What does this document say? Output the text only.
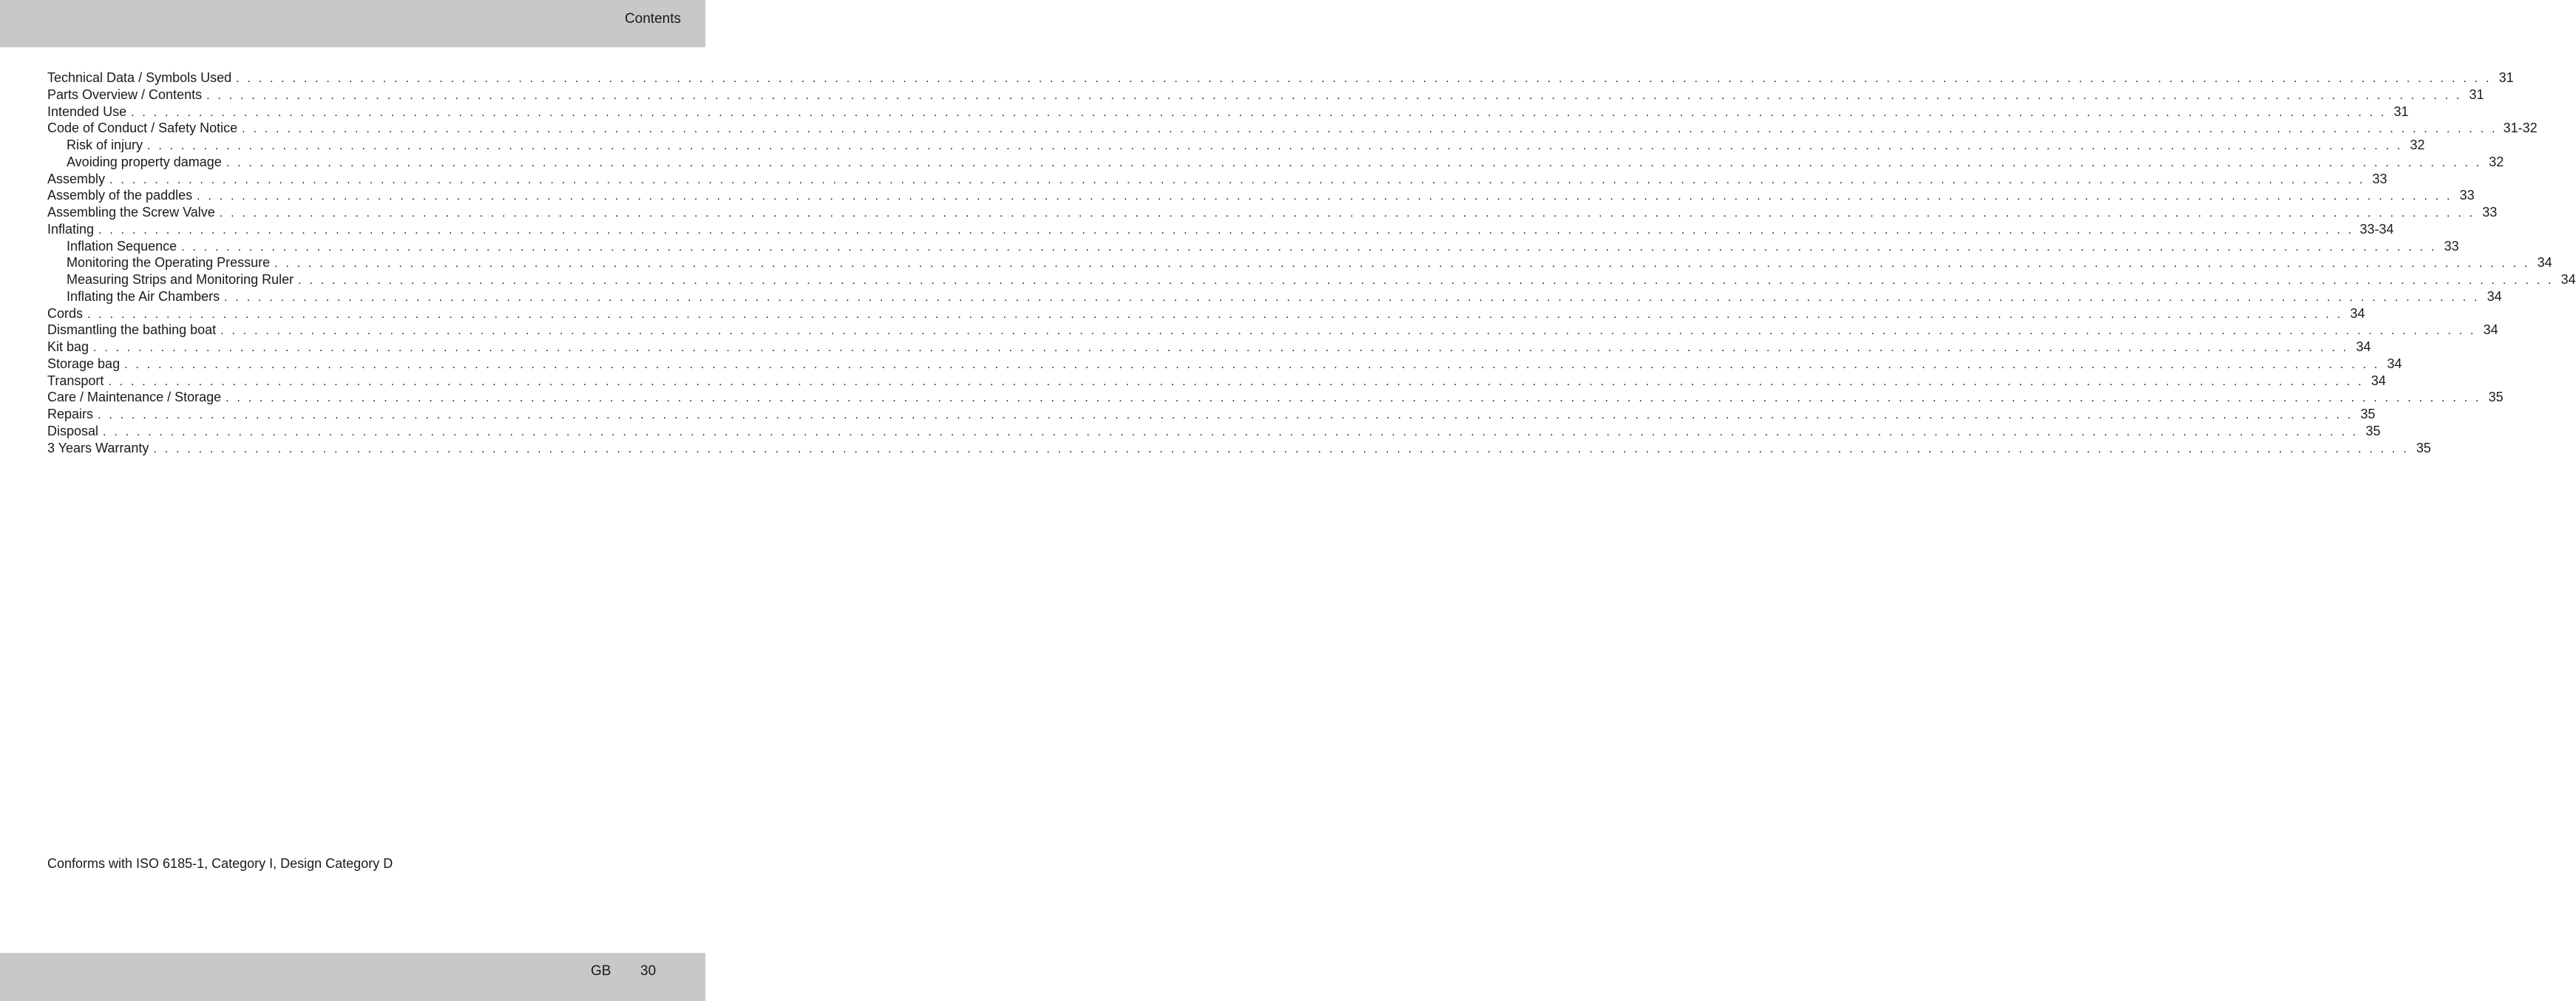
Contents
Technical Data / Symbols Used . . . . . . . . . . . . . . . . . . . . . . . . . . . . . . . . . . . . . . . . . . . . . . . . . . . . . . . . . . . . . . . . . . . . . . . . . . . . . . . . . . . . . . . . . . . . . . . . . . . . . . . . . . . . . . . . . . . . . . . . . . . . . . . . . . . . . . . . . . . . . . . . . . . . . . . . . . . . . . . . . . . . . . . . . . . . . . . . . . . . . . . . . . . . . . . . . . . . . . . . 31
Parts Overview / Contents . . . . . . . . . . . . . . . . . . . . . . . . . . . . . . . . . . . . . . . . . . . . . . . . . . . . . . . . . . . . . . . . . . . . . . . . . . . . . . . . . . . . . . . . . . . . . . . . . . . . . . . . . . . . . . . . . . . . . . . . . . . . . . . . . . . . . . . . . . . . . . . . . . . . . . . . . . . . . . . . . . . . . . . . . . . . . . . . . . . . . . . . . . . . . . . . . . . . . . . . 31
Intended Use . . . . . . . . . . . . . . . . . . . . . . . . . . . . . . . . . . . . . . . . . . . . . . . . . . . . . . . . . . . . . . . . . . . . . . . . . . . . . . . . . . . . . . . . . . . . . . . . . . . . . . . . . . . . . . . . . . . . . . . . . . . . . . . . . . . . . . . . . . . . . . . . . . . . . . . . . . . . . . . . . . . . . . . . . . . . . . . . . . . . . . . . . . . . . . . . . . . . . . . . 31
Code of Conduct / Safety Notice . . . . . . . . . . . . . . . . . . . . . . . . . . . . . . . . . . . . . . . . . . . . . . . . . . . . . . . . . . . . . . . . . . . . . . . . . . . . . . . . . . . . . . . . . . . . . . . . . . . . . . . . . . . . . . . . . . . . . . . . . . . . . . . . . . . . . . . . . . . . . . . . . . . . . . . . . . . . . . . . . . . . . . . . . . . . . . . . . . . . . . . . . . . . . . . . . . . . . . . . 31-32
Risk of injury . . . . . . . . . . . . . . . . . . . . . . . . . . . . . . . . . . . . . . . . . . . . . . . . . . . . . . . . . . . . . . . . . . . . . . . . . . . . . . . . . . . . . . . . . . . . . . . . . . . . . . . . . . . . . . . . . . . . . . . . . . . . . . . . . . . . . . . . . . . . . . . . . . . . . . . . . . . . . . . . . . . . . . . . . . . . . . . . . . . . . . . . . . . . . . . . . . . . . . . . 32
Avoiding property damage . . . . . . . . . . . . . . . . . . . . . . . . . . . . . . . . . . . . . . . . . . . . . . . . . . . . . . . . . . . . . . . . . . . . . . . . . . . . . . . . . . . . . . . . . . . . . . . . . . . . . . . . . . . . . . . . . . . . . . . . . . . . . . . . . . . . . . . . . . . . . . . . . . . . . . . . . . . . . . . . . . . . . . . . . . . . . . . . . . . . . . . . . . . . . . . . . . . . . . . . 32
Assembly . . . . . . . . . . . . . . . . . . . . . . . . . . . . . . . . . . . . . . . . . . . . . . . . . . . . . . . . . . . . . . . . . . . . . . . . . . . . . . . . . . . . . . . . . . . . . . . . . . . . . . . . . . . . . . . . . . . . . . . . . . . . . . . . . . . . . . . . . . . . . . . . . . . . . . . . . . . . . . . . . . . . . . . . . . . . . . . . . . . . . . . . . . . . . . . . . . . . . . . . 33
Assembly of the paddles . . . . . . . . . . . . . . . . . . . . . . . . . . . . . . . . . . . . . . . . . . . . . . . . . . . . . . . . . . . . . . . . . . . . . . . . . . . . . . . . . . . . . . . . . . . . . . . . . . . . . . . . . . . . . . . . . . . . . . . . . . . . . . . . . . . . . . . . . . . . . . . . . . . . . . . . . . . . . . . . . . . . . . . . . . . . . . . . . . . . . . . . . . . . . . . . . . . . . . . . 33
Assembling the Screw Valve . . . . . . . . . . . . . . . . . . . . . . . . . . . . . . . . . . . . . . . . . . . . . . . . . . . . . . . . . . . . . . . . . . . . . . . . . . . . . . . . . . . . . . . . . . . . . . . . . . . . . . . . . . . . . . . . . . . . . . . . . . . . . . . . . . . . . . . . . . . . . . . . . . . . . . . . . . . . . . . . . . . . . . . . . . . . . . . . . . . . . . . . . . . . . . . . . . . . . . . . 33
Inflating . . . . . . . . . . . . . . . . . . . . . . . . . . . . . . . . . . . . . . . . . . . . . . . . . . . . . . . . . . . . . . . . . . . . . . . . . . . . . . . . . . . . . . . . . . . . . . . . . . . . . . . . . . . . . . . . . . . . . . . . . . . . . . . . . . . . . . . . . . . . . . . . . . . . . . . . . . . . . . . . . . . . . . . . . . . . . . . . . . . . . . . . . . . . . . . . . . . . . . . . 33-34
Inflation Sequence . . . . . . . . . . . . . . . . . . . . . . . . . . . . . . . . . . . . . . . . . . . . . . . . . . . . . . . . . . . . . . . . . . . . . . . . . . . . . . . . . . . . . . . . . . . . . . . . . . . . . . . . . . . . . . . . . . . . . . . . . . . . . . . . . . . . . . . . . . . . . . . . . . . . . . . . . . . . . . . . . . . . . . . . . . . . . . . . . . . . . . . . . . . . . . . . . . . . . . . . 33
Monitoring the Operating Pressure . . . . . . . . . . . . . . . . . . . . . . . . . . . . . . . . . . . . . . . . . . . . . . . . . . . . . . . . . . . . . . . . . . . . . . . . . . . . . . . . . . . . . . . . . . . . . . . . . . . . . . . . . . . . . . . . . . . . . . . . . . . . . . . . . . . . . . . . . . . . . . . . . . . . . . . . . . . . . . . . . . . . . . . . . . . . . . . . . . . . . . . . . . . . . . . . . . . . . . . . 34
Measuring Strips and Monitoring Ruler . . . . . . . . . . . . . . . . . . . . . . . . . . . . . . . . . . . . . . . . . . . . . . . . . . . . . . . . . . . . . . . . . . . . . . . . . . . . . . . . . . . . . . . . . . . . . . . . . . . . . . . . . . . . . . . . . . . . . . . . . . . . . . . . . . . . . . . . . . . . . . . . . . . . . . . . . . . . . . . . . . . . . . . . . . . . . . . . . . . . . . . . . . . . . . . . . . . . . . . . 34
Inflating the Air Chambers . . . . . . . . . . . . . . . . . . . . . . . . . . . . . . . . . . . . . . . . . . . . . . . . . . . . . . . . . . . . . . . . . . . . . . . . . . . . . . . . . . . . . . . . . . . . . . . . . . . . . . . . . . . . . . . . . . . . . . . . . . . . . . . . . . . . . . . . . . . . . . . . . . . . . . . . . . . . . . . . . . . . . . . . . . . . . . . . . . . . . . . . . . . . . . . . . . . . . . . . 34
Cords . . . . . . . . . . . . . . . . . . . . . . . . . . . . . . . . . . . . . . . . . . . . . . . . . . . . . . . . . . . . . . . . . . . . . . . . . . . . . . . . . . . . . . . . . . . . . . . . . . . . . . . . . . . . . . . . . . . . . . . . . . . . . . . . . . . . . . . . . . . . . . . . . . . . . . . . . . . . . . . . . . . . . . . . . . . . . . . . . . . . . . . . . . . . . . . . . . . . . . . . 34
Dismantling the bathing boat . . . . . . . . . . . . . . . . . . . . . . . . . . . . . . . . . . . . . . . . . . . . . . . . . . . . . . . . . . . . . . . . . . . . . . . . . . . . . . . . . . . . . . . . . . . . . . . . . . . . . . . . . . . . . . . . . . . . . . . . . . . . . . . . . . . . . . . . . . . . . . . . . . . . . . . . . . . . . . . . . . . . . . . . . . . . . . . . . . . . . . . . . . . . . . . . . . . . . . . . 34
Kit bag . . . . . . . . . . . . . . . . . . . . . . . . . . . . . . . . . . . . . . . . . . . . . . . . . . . . . . . . . . . . . . . . . . . . . . . . . . . . . . . . . . . . . . . . . . . . . . . . . . . . . . . . . . . . . . . . . . . . . . . . . . . . . . . . . . . . . . . . . . . . . . . . . . . . . . . . . . . . . . . . . . . . . . . . . . . . . . . . . . . . . . . . . . . . . . . . . . . . . . . . 34
Storage bag . . . . . . . . . . . . . . . . . . . . . . . . . . . . . . . . . . . . . . . . . . . . . . . . . . . . . . . . . . . . . . . . . . . . . . . . . . . . . . . . . . . . . . . . . . . . . . . . . . . . . . . . . . . . . . . . . . . . . . . . . . . . . . . . . . . . . . . . . . . . . . . . . . . . . . . . . . . . . . . . . . . . . . . . . . . . . . . . . . . . . . . . . . . . . . . . . . . . . . . . 34
Transport . . . . . . . . . . . . . . . . . . . . . . . . . . . . . . . . . . . . . . . . . . . . . . . . . . . . . . . . . . . . . . . . . . . . . . . . . . . . . . . . . . . . . . . . . . . . . . . . . . . . . . . . . . . . . . . . . . . . . . . . . . . . . . . . . . . . . . . . . . . . . . . . . . . . . . . . . . . . . . . . . . . . . . . . . . . . . . . . . . . . . . . . . . . . . . . . . . . . . . . . 34
Care / Maintenance / Storage . . . . . . . . . . . . . . . . . . . . . . . . . . . . . . . . . . . . . . . . . . . . . . . . . . . . . . . . . . . . . . . . . . . . . . . . . . . . . . . . . . . . . . . . . . . . . . . . . . . . . . . . . . . . . . . . . . . . . . . . . . . . . . . . . . . . . . . . . . . . . . . . . . . . . . . . . . . . . . . . . . . . . . . . . . . . . . . . . . . . . . . . . . . . . . . . . . . . . . . . 35
Repairs . . . . . . . . . . . . . . . . . . . . . . . . . . . . . . . . . . . . . . . . . . . . . . . . . . . . . . . . . . . . . . . . . . . . . . . . . . . . . . . . . . . . . . . . . . . . . . . . . . . . . . . . . . . . . . . . . . . . . . . . . . . . . . . . . . . . . . . . . . . . . . . . . . . . . . . . . . . . . . . . . . . . . . . . . . . . . . . . . . . . . . . . . . . . . . . . . . . . . . . . 35
Disposal . . . . . . . . . . . . . . . . . . . . . . . . . . . . . . . . . . . . . . . . . . . . . . . . . . . . . . . . . . . . . . . . . . . . . . . . . . . . . . . . . . . . . . . . . . . . . . . . . . . . . . . . . . . . . . . . . . . . . . . . . . . . . . . . . . . . . . . . . . . . . . . . . . . . . . . . . . . . . . . . . . . . . . . . . . . . . . . . . . . . . . . . . . . . . . . . . . . . . . . . 35
3 Years Warranty . . . . . . . . . . . . . . . . . . . . . . . . . . . . . . . . . . . . . . . . . . . . . . . . . . . . . . . . . . . . . . . . . . . . . . . . . . . . . . . . . . . . . . . . . . . . . . . . . . . . . . . . . . . . . . . . . . . . . . . . . . . . . . . . . . . . . . . . . . . . . . . . . . . . . . . . . . . . . . . . . . . . . . . . . . . . . . . . . . . . . . . . . . . . . . . . . . . . . . . . 35
Conforms with ISO 6185-1, Category I, Design Category D
GB 30
